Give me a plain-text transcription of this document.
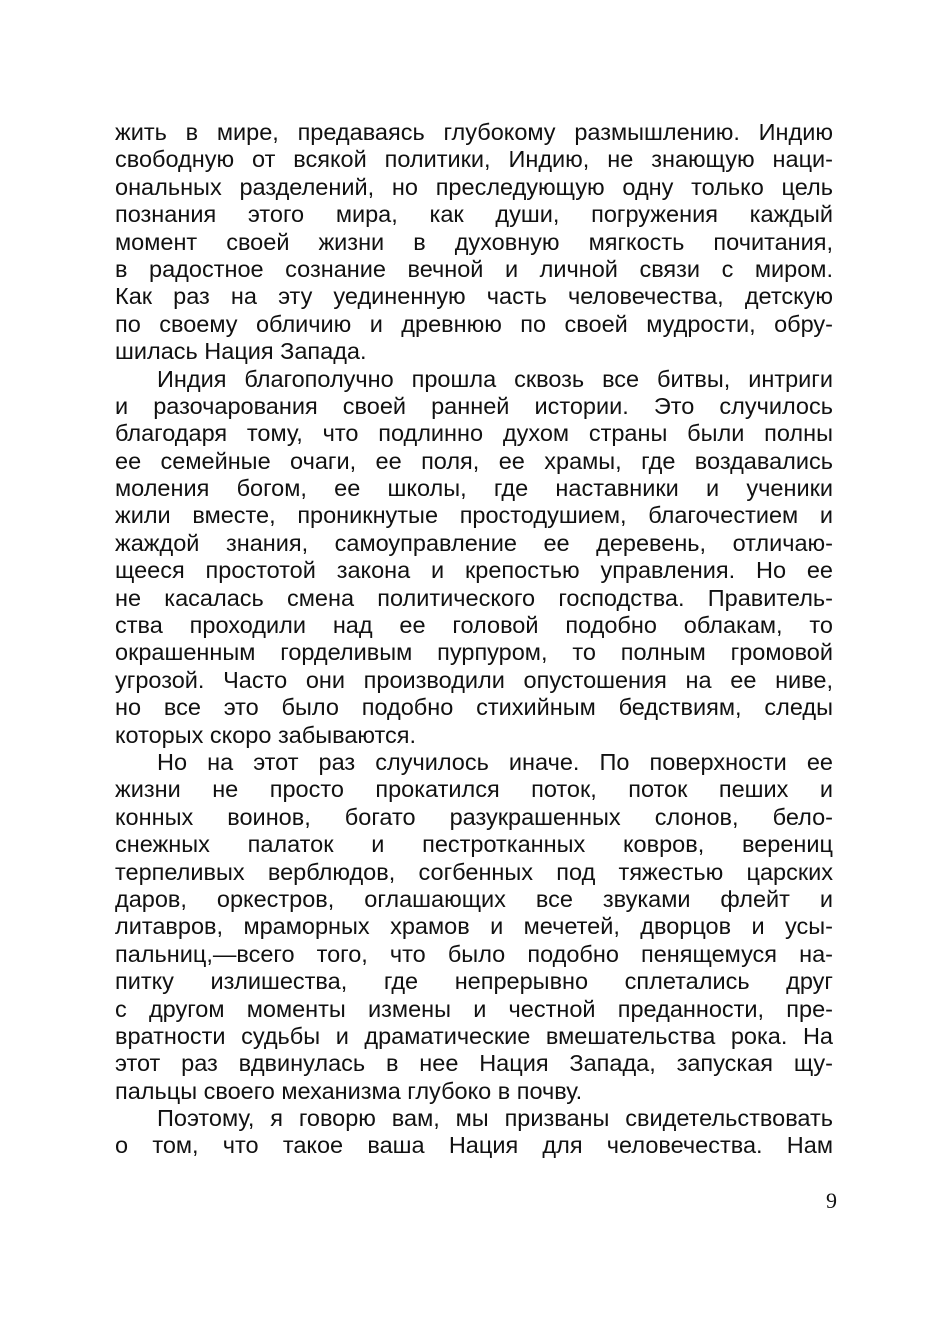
жить в мире, предаваясь глубокому размышлению. Индию
свободную от всякой политики, Индию, не знающую наци-
ональных разделений, но преследующую одну только цель
познания этого мира, как души, погружения каждый
момент своей жизни в духовную мягкость почитания,
в радостное сознание вечной и личной связи с миром.
Как раз на эту уединенную часть человечества, детскую
по своему обличию и древнюю по своей мудрости, обру-
шилась Нация Запада.
Индия благополучно прошла сквозь все битвы, интриги
и разочарования своей ранней истории. Это случилось
благодаря тому, что подлинно духом страны были полны
ее семейные очаги, ее поля, ее храмы, где воздавались
моления богом, ее школы, где наставники и ученики
жили вместе, проникнутые простодушием, благочестием и
жаждой знания, самоуправление ее деревень, отличаю-
щееся простотой закона и крепостью управления. Но ее
не касалась смена политического господства. Правитель-
ства проходили над ее головой подобно облакам, то
окрашенным горделивым пурпуром, то полным громовой
угрозой. Часто они производили опустошения на ее ниве,
но все это было подобно стихийным бедствиям, следы
которых скоро забываются.
Но на этот раз случилось иначе. По поверхности ее
жизни не просто прокатился поток, поток пеших и
конных воинов, богато разукрашенных слонов, бело-
снежных палаток и пестротканных ковров, верениц
терпеливых верблюдов, согбенных под тяжестью царских
даров, оркестров, оглашающих все звуками флейт и
литавров, мраморных храмов и мечетей, дворцов и усы-
пальниц,—всего того, что было подобно пенящемуся на-
питку излишества, где непрерывно сплетались друг
с другом моменты измены и честной преданности, пре-
вратности судьбы и драматические вмешательства рока. На
этот раз вдвинулась в нее Нация Запада, запуская щу-
пальцы своего механизма глубоко в почву.
Поэтому, я говорю вам, мы призваны свидетельствовать
о том, что такое ваша Нация для человечества. Нам
9
